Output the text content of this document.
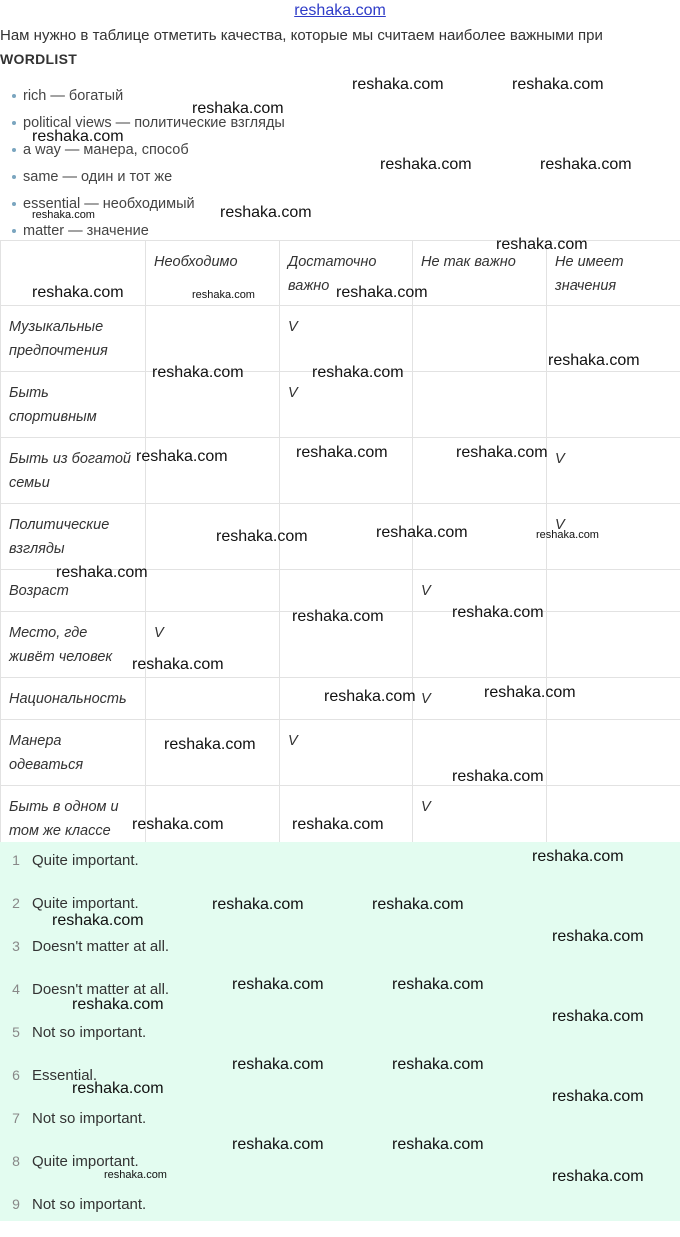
reshaka.com
Нам нужно в таблице отметить качества, которые мы считаем наиболее важными при
WORDLIST
rich — богатый
political views — политические взгляды
a way — манера, способ
same — один и тот же
essential — необходимый
matter — значение
	Необходимо	Достаточно важно	Не так важно	Не имеет значения
Музыкальные предпочтения		V		
Быть спортивным		V		
Быть из богатой семьи				V
Политические взгляды				V
Возраст			V	
Место, где живёт человек	V			
Национальность			V	
Манера одеваться		V		
Быть в одном и том же классе			V	
1 Quite important.
2 Quite important.
3 Doesn't matter at all.
4 Doesn't matter at all.
5 Not so important.
6 Essential.
7 Not so important.
8 Quite important.
9 Not so important.
reshaka.com	reshaka.com
reshaka.com
reshaka.com
reshaka.com	reshaka.com
reshaka.com	reshaka.com
reshaka.com
reshaka.com	reshaka.com	reshaka.com
reshaka.com
reshaka.com	reshaka.com
reshaka.com	reshaka.com	reshaka.com
reshaka.com	reshaka.com	reshaka.com
reshaka.com
reshaka.com	reshaka.com
reshaka.com
reshaka.com	reshaka.com
reshaka.com
reshaka.com
reshaka.com	reshaka.com
reshaka.com
reshaka.com	reshaka.com
reshaka.com
reshaka.com
reshaka.com	reshaka.com
reshaka.com
reshaka.com
reshaka.com	reshaka.com
reshaka.com	reshaka.com
reshaka.com	reshaka.com
reshaka.com	reshaka.com
